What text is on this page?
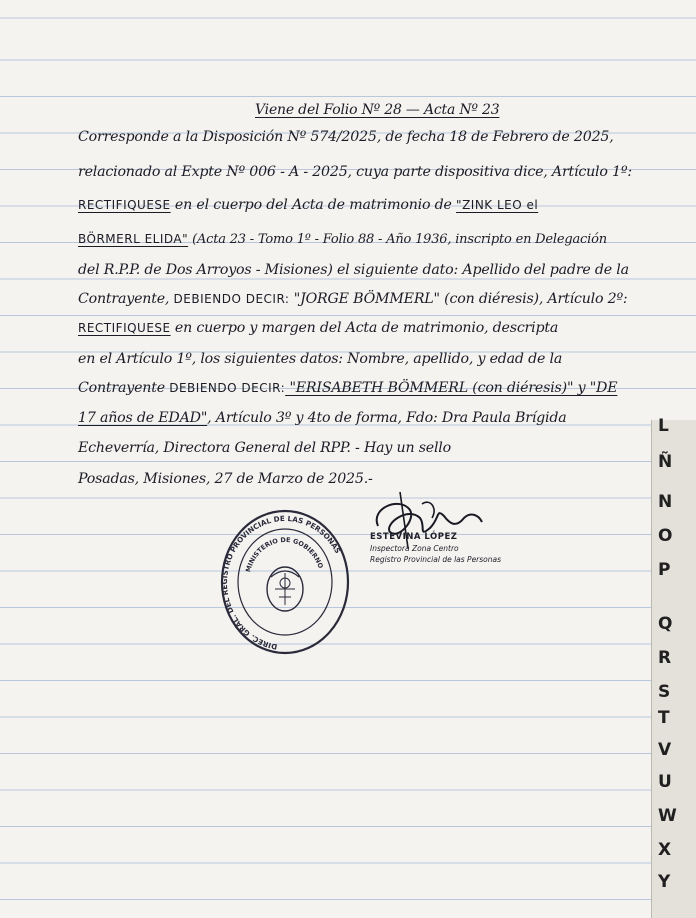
Viene del Folio Nº 28 — Acta Nº 23
Corresponde a la Disposición Nº 574/2025, de fecha 18 de Febrero de 2025,
relacionado al Expte Nº 006 - A - 2025, cuya parte dispositiva dice, Artículo 1º:
RECTIFIQUESE en el cuerpo del Acta de matrimonio de "ZINK LEO el
BÖRMERL ELIDA" (Acta 23 - Tomo 1º - Folio 88 - Año 1936, inscripto en Delegación
del R.P.P. de Dos Arroyos - Misiones) el siguiente dato: Apellido del padre de la
Contrayente, DEBIENDO DECIR: "JORGE BÖMMERL" (con diéresis), Artículo 2º:
RECTIFIQUESE en cuerpo y margen del Acta de matrimonio, descripta
en el Artículo 1º, los siguientes datos: Nombre, apellido, y edad de la
Contrayente DEBIENDO DECIR: "ERISABETH BÖMMERL (con diéresis)" y "DE
17 años de EDAD", Artículo 3º y 4to de forma, Fdo: Dra Paula Brígida
Echeverría, Directora General del RPP. - Hay un sello
Posadas, Misiones, 27 de Marzo de 2025.-
DIREC. GRAL. DEL REGISTRO PROVINCIAL DE LAS PERSONAS
MINISTERIO DE GOBIERNO
ESTEVINA LÓPEZ
Inspectora Zona Centro
Registro Provincial de las Personas
L
Ñ
N
O
P
Q
R
S
T
V
U
W
X
Y
